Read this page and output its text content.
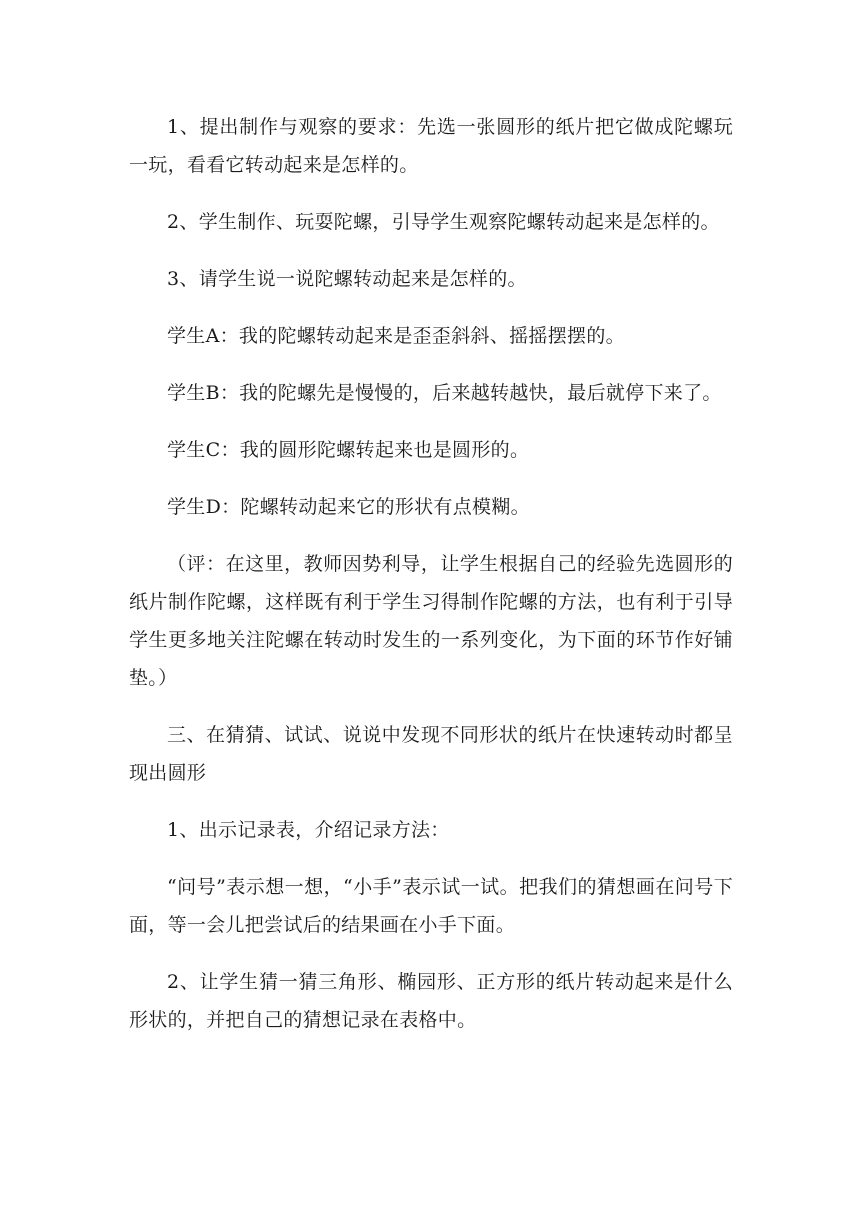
1、提出制作与观察的要求：先选一张圆形的纸片把它做成陀螺玩一玩，看看它转动起来是怎样的。

2、学生制作、玩耍陀螺，引导学生观察陀螺转动起来是怎样的。

3、请学生说一说陀螺转动起来是怎样的。

学生A：我的陀螺转动起来是歪歪斜斜、摇摇摆摆的。

学生B：我的陀螺先是慢慢的，后来越转越快，最后就停下来了。

学生C：我的圆形陀螺转起来也是圆形的。

学生D：陀螺转动起来它的形状有点模糊。

（评：在这里，教师因势利导，让学生根据自己的经验先选圆形的纸片制作陀螺，这样既有利于学生习得制作陀螺的方法，也有利于引导学生更多地关注陀螺在转动时发生的一系列变化，为下面的环节作好铺垫。）

三、在猜猜、试试、说说中发现不同形状的纸片在快速转动时都呈现出圆形

1、出示记录表，介绍记录方法：

“问号”表示想一想，“小手”表示试一试。把我们的猜想画在问号下面，等一会儿把尝试后的结果画在小手下面。

2、让学生猜一猜三角形、椭园形、正方形的纸片转动起来是什么形状的，并把自己的猜想记录在表格中。
